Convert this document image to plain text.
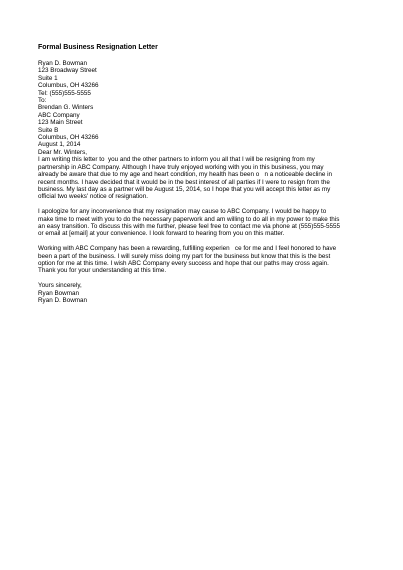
Formal Business Resignation Letter
Ryan D. Bowman
123 Broadway Street
Suite 1
Columbus, OH 43266
Tel: (555)555-5555
To:
Brendan G. Winters
ABC Company
123 Main Street
Suite B
Columbus, OH 43266
August 1, 2014
Dear Mr. Winters,
I am writing this letter to  you and the other partners to inform you all that I will be resigning from my
partnership in ABC Company. Although I have truly enjoyed working with you in this business, you may
already be aware that due to my age and heart condition, my health has been o   n a noticeable decline in
recent months. I have decided that it would be in the best interest of all parties if I were to resign from the
business. My last day as a partner will be August 15, 2014, so I hope that you will accept this letter as my
official two weeks' notice of resignation.
I apologize for any inconvenience that my resignation may cause to ABC Company. I would be happy to
make time to meet with you to do the necessary paperwork and am willing to do all in my power to make this
an easy transition. To discuss this with me further, please feel free to contact me via phone at (555)555-5555
or email at [email] at your convenience. I look forward to hearing from you on this matter.
Working with ABC Company has been a rewarding, fulfilling experien   ce for me and I feel honored to have
been a part of the business. I will surely miss doing my part for the business but know that this is the best
option for me at this time. I wish ABC Company every success and hope that our paths may cross again.
Thank you for your understanding at this time.
Yours sincerely,
Ryan Bowman
Ryan D. Bowman
